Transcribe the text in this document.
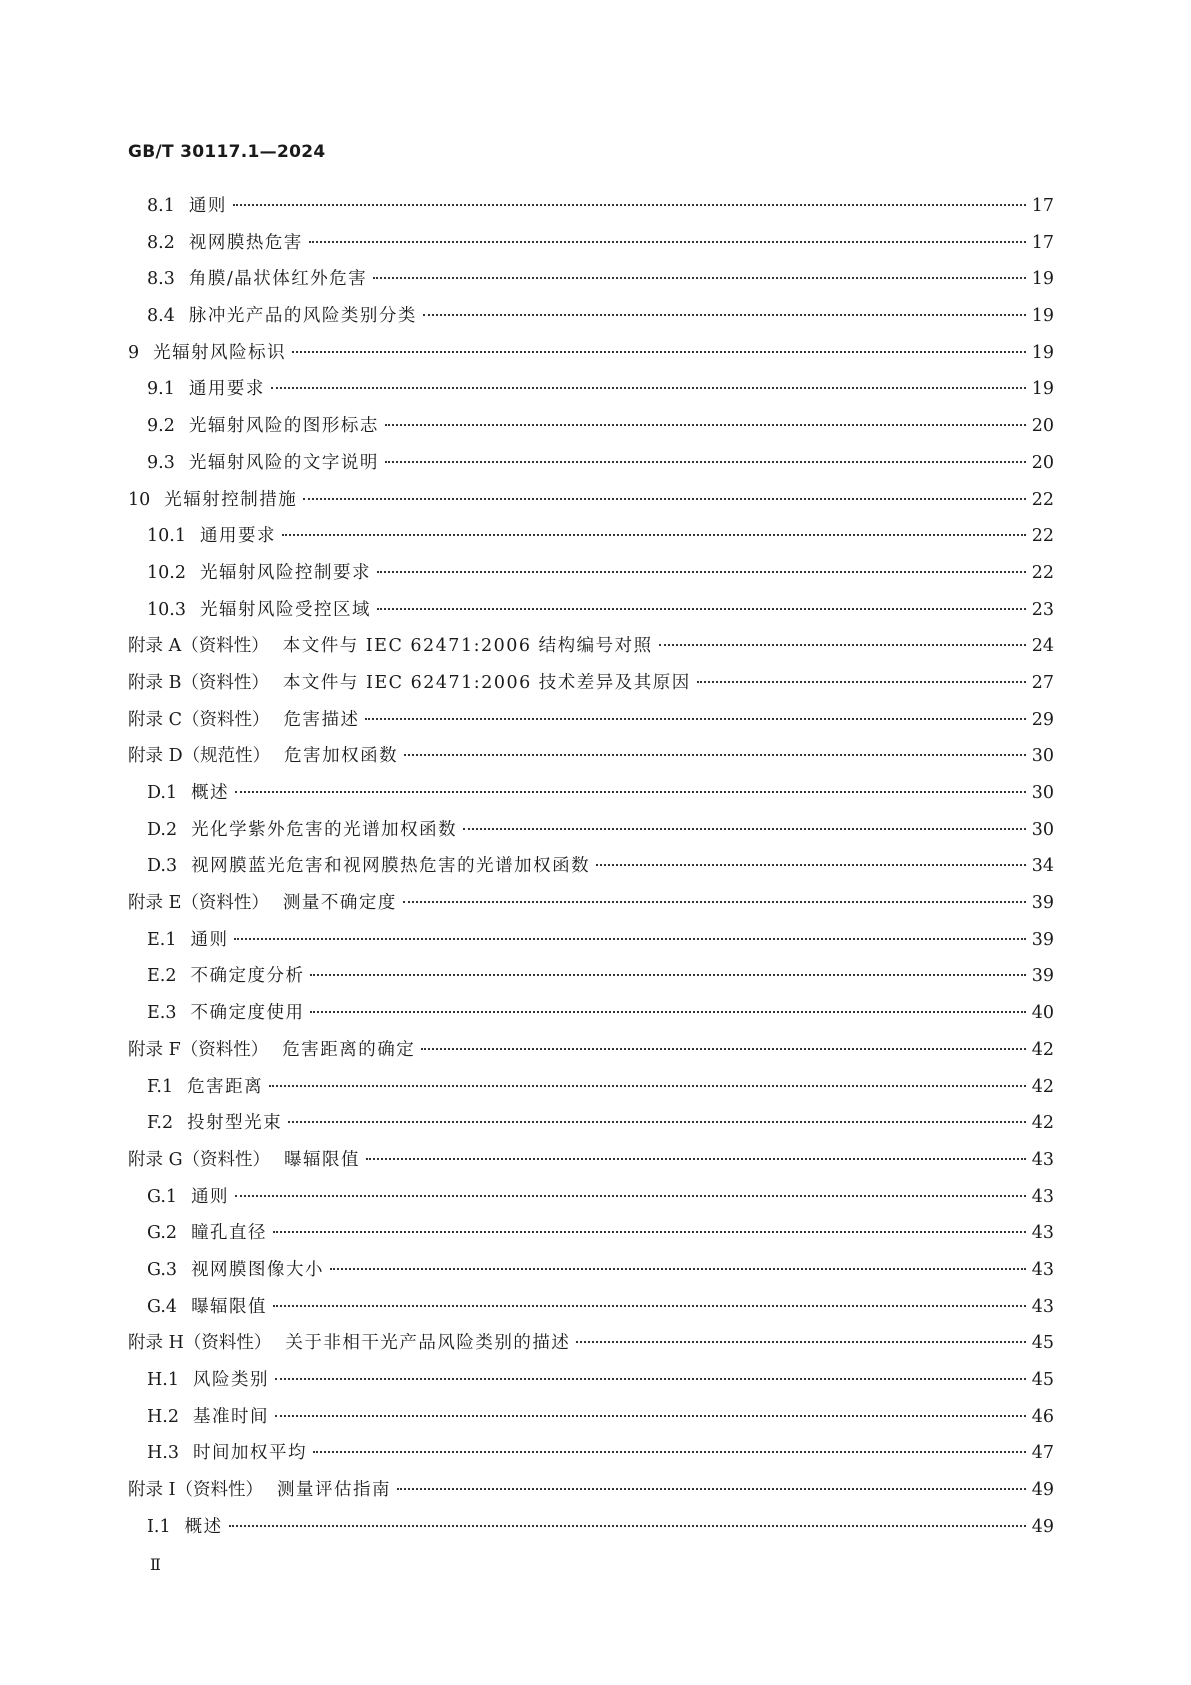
GB/T 30117.1—2024
8.1 通则	17
8.2 视网膜热危害	17
8.3 角膜/晶状体红外危害	19
8.4 脉冲光产品的风险类别分类	19
9 光辐射风险标识	19
9.1 通用要求	19
9.2 光辐射风险的图形标志	20
9.3 光辐射风险的文字说明	20
10 光辐射控制措施	22
10.1 通用要求	22
10.2 光辐射风险控制要求	22
10.3 光辐射风险受控区域	23
附录 A（资料性） 本文件与 IEC 62471:2006 结构编号对照	24
附录 B（资料性） 本文件与 IEC 62471:2006 技术差异及其原因	27
附录 C（资料性） 危害描述	29
附录 D（规范性） 危害加权函数	30
D.1 概述	30
D.2 光化学紫外危害的光谱加权函数	30
D.3 视网膜蓝光危害和视网膜热危害的光谱加权函数	34
附录 E（资料性） 测量不确定度	39
E.1 通则	39
E.2 不确定度分析	39
E.3 不确定度使用	40
附录 F（资料性） 危害距离的确定	42
F.1 危害距离	42
F.2 投射型光束	42
附录 G（资料性） 曝辐限值	43
G.1 通则	43
G.2 瞳孔直径	43
G.3 视网膜图像大小	43
G.4 曝辐限值	43
附录 H（资料性） 关于非相干光产品风险类别的描述	45
H.1 风险类别	45
H.2 基准时间	46
H.3 时间加权平均	47
附录 I（资料性） 测量评估指南	49
I.1 概述	49
Ⅱ
